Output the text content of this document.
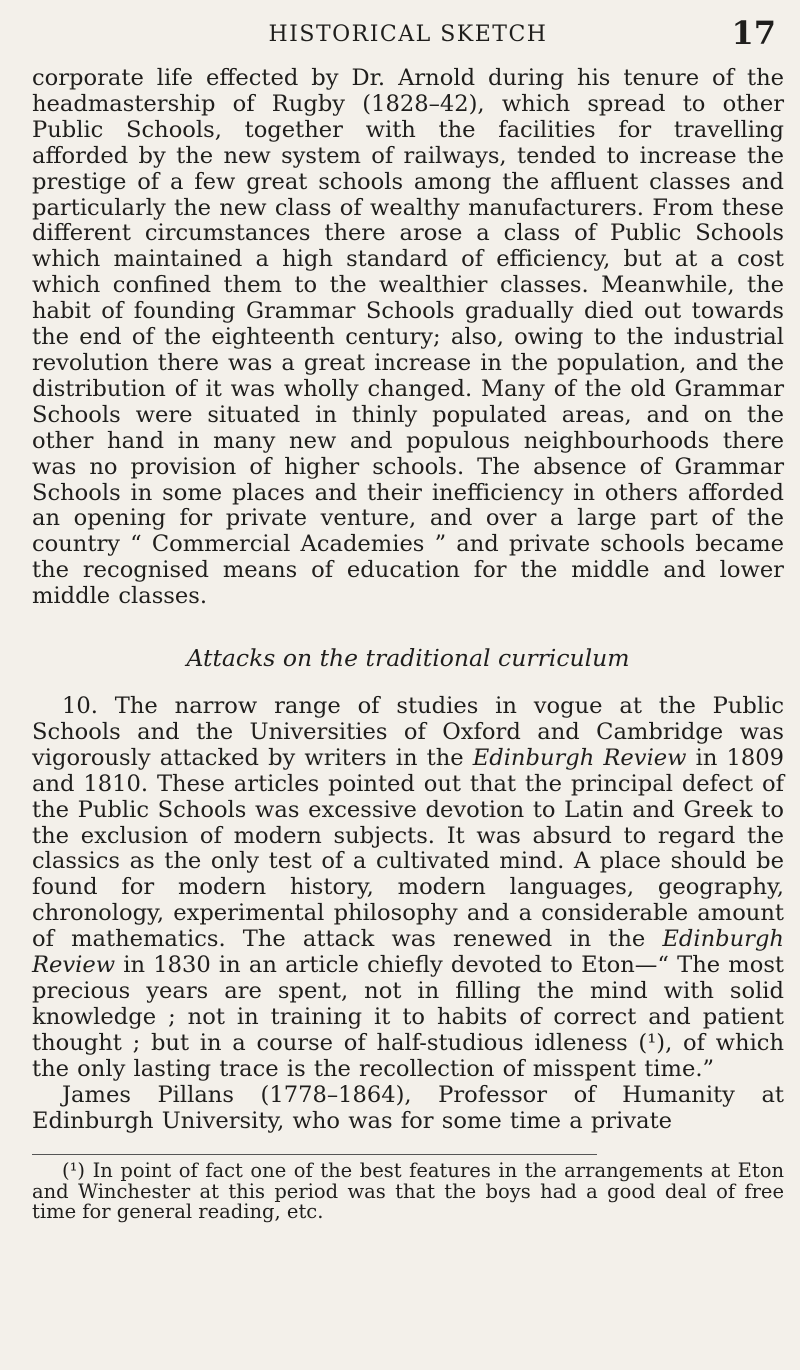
HISTORICAL SKETCH	17

corporate life effected by Dr. Arnold during his tenure of the headmastership of Rugby (1828–42), which spread to other Public Schools, together with the facilities for travelling afforded by the new system of railways, tended to increase the prestige of a few great schools among the affluent classes and particularly the new class of wealthy manufacturers. From these different circumstances there arose a class of Public Schools which maintained a high standard of efficiency, but at a cost which confined them to the wealthier classes. Meanwhile, the habit of founding Grammar Schools gradually died out towards the end of the eighteenth century; also, owing to the industrial revolution there was a great increase in the population, and the distribution of it was wholly changed. Many of the old Grammar Schools were situated in thinly populated areas, and on the other hand in many new and populous neighbourhoods there was no provision of higher schools. The absence of Grammar Schools in some places and their inefficiency in others afforded an opening for private venture, and over a large part of the country “ Commercial Academies ” and private schools became the recognised means of education for the middle and lower middle classes.

Attacks on the traditional curriculum

10. The narrow range of studies in vogue at the Public Schools and the Universities of Oxford and Cambridge was vigorously attacked by writers in the Edinburgh Review in 1809 and 1810. These articles pointed out that the principal defect of the Public Schools was excessive devotion to Latin and Greek to the exclusion of modern subjects. It was absurd to regard the classics as the only test of a cultivated mind. A place should be found for modern history, modern languages, geography, chronology, experimental philosophy and a considerable amount of mathematics. The attack was renewed in the Edinburgh Review in 1830 in an article chiefly devoted to Eton—“ The most precious years are spent, not in filling the mind with solid knowledge ; not in training it to habits of correct and patient thought ; but in a course of half-studious idleness (¹), of which the only lasting trace is the recollection of misspent time.”

James Pillans (1778–1864), Professor of Humanity at Edinburgh University, who was for some time a private

(¹) In point of fact one of the best features in the arrangements at Eton and Winchester at this period was that the boys had a good deal of free time for general reading, etc.
